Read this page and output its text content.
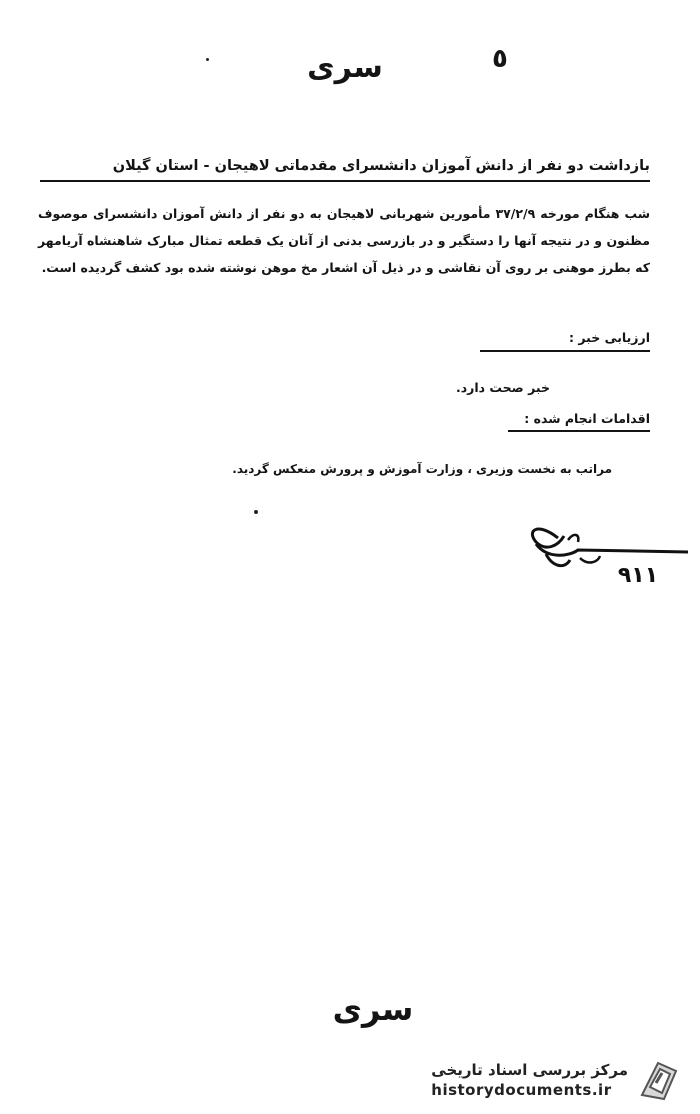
٥
سری
بازداشت دو نفر از دانش آموزان دانشسرای مقدماتی لاهیجان - استان گیلان
شب هنگام مورخه ۳۷/۲/۹ مأمورین شهربانی لاهیجان به دو نفر از دانش آموزان دانشسرای موصوف مظنون و در نتیجه آنها را دستگیر و در بازرسی بدنی از آنان یک قطعه تمثال مبارک شاهنشاه آریامهر که بطرز موهنی بر روی آن نقاشی و در ذیل آن اشعار مخ موهن نوشته شده بود کشف گردیده است.
ارزیابی خبر :
خبر صحت دارد.
اقدامات انجام شده :
مراتب به نخست وزیری ، وزارت آموزش و پرورش منعکس گردید.
٩١١
سری
مرکز بررسی اسناد تاریخی
historydocuments.ir
